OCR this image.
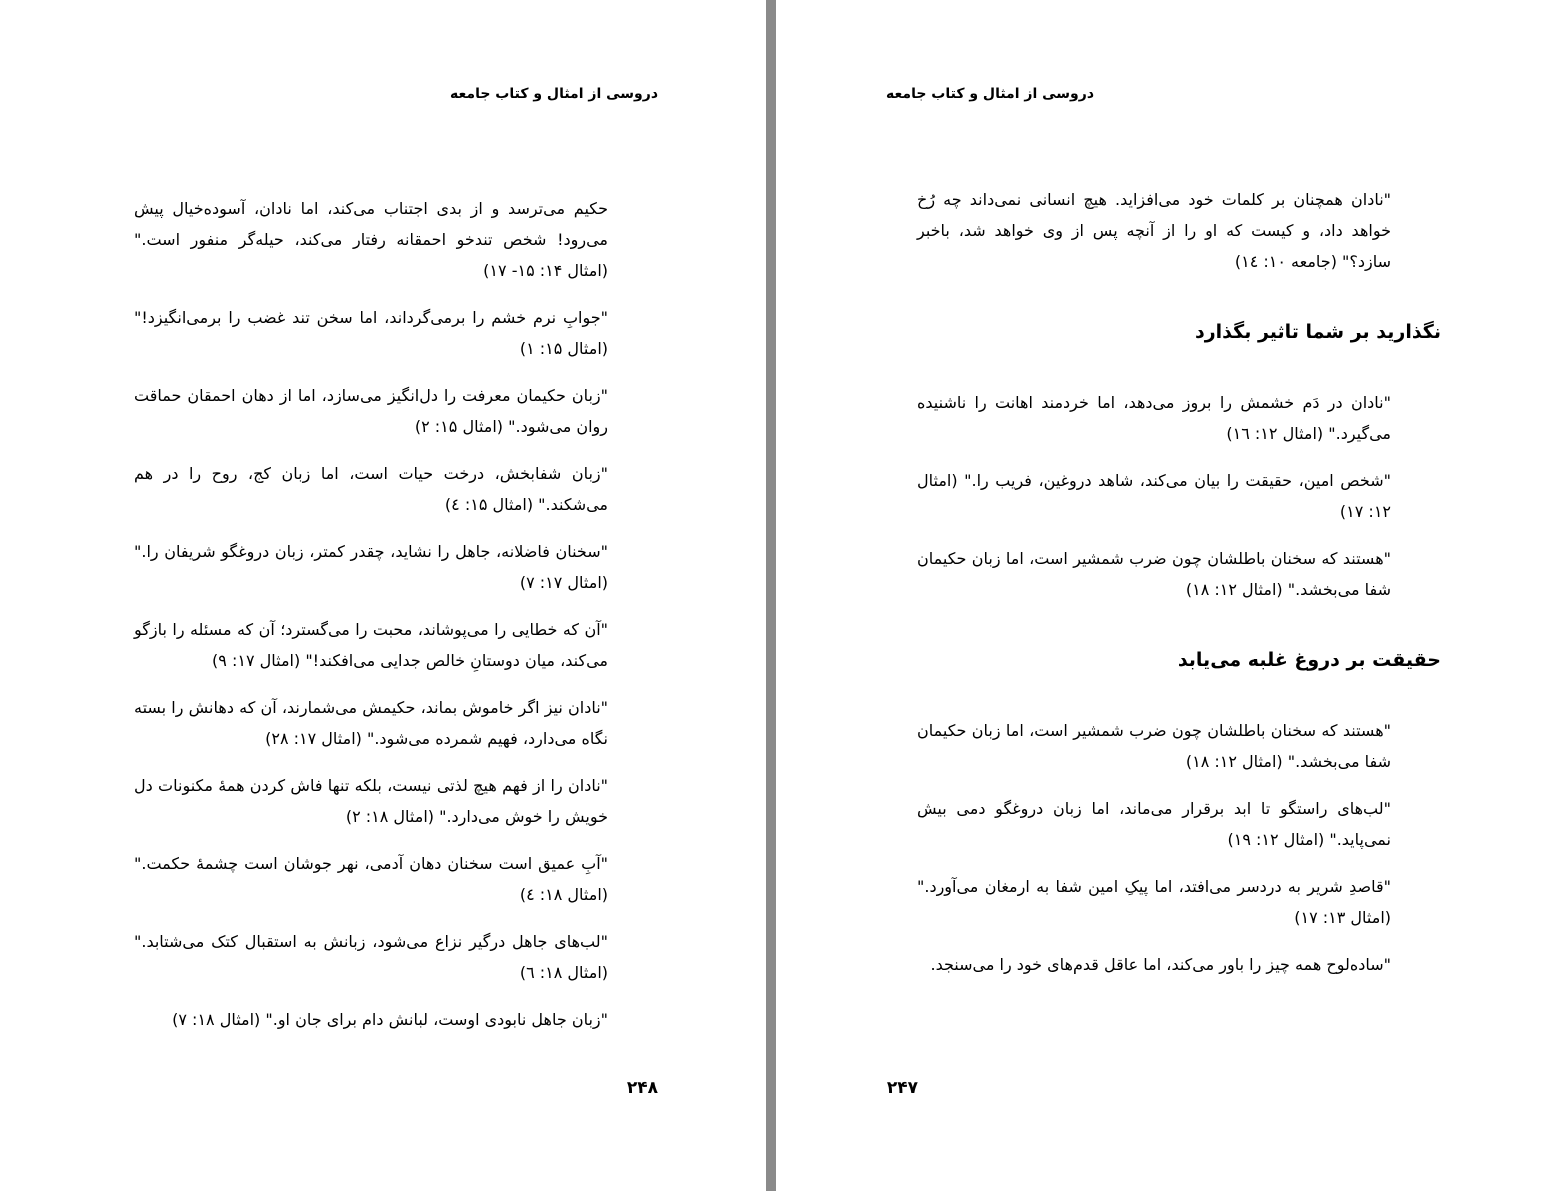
دروسی از امثال و کتاب جامعه

حکیم می‌ترسد و از بدی اجتناب می‌کند، اما نادان، آسوده‌خیال پیش می‌رود! شخص تندخو احمقانه رفتار می‌کند، حیله‌گر منفور است." (امثال ۱۴: ۱۵- ۱۷)

"جوابِ نرم خشم را برمی‌گرداند، اما سخن تند غضب را برمی‌انگیزد!" (امثال ۱۵: ۱)

"زبان حکیمان معرفت را دل‌انگیز می‌سازد، اما از دهان احمقان حماقت روان می‌شود." (امثال ۱۵: ۲)

"زبان شفابخش، درخت حیات است، اما زبان کج، روح را در هم می‌شکند." (امثال ۱۵: ٤)

"سخنان فاضلانه، جاهل را نشاید، چقدر کمتر، زبان دروغگو شریفان را." (امثال ۱۷: ۷)

"آن که خطایی را می‌پوشاند، محبت را می‌گسترد؛ آن که مسئله را بازگو می‌کند، میان دوستانِ خالص جدایی می‌افکند!" (امثال ۱۷: ۹)

"نادان نیز اگر خاموش بماند، حکیمش می‌شمارند، آن که دهانش را بسته نگاه می‌دارد، فهیم شمرده می‌شود." (امثال ۱۷: ۲۸)

"نادان را از فهم هیچ لذتی نیست، بلکه تنها فاش کردن همهٔ مکنونات دل خویش را خوش می‌دارد." (امثال ۱۸: ۲)

"آبِ عمیق است سخنان دهان آدمی، نهر جوشان است چشمهٔ حکمت." (امثال ۱۸: ٤)

"لب‌های جاهل درگیر نزاع می‌شود، زبانش به استقبال کتک می‌شتابد." (امثال ۱۸: ٦)

"زبان جاهل نابودی اوست، لبانش دام برای جان او." (امثال ۱۸: ۷)

۲۴۸
دروسی از امثال و کتاب جامعه
۲۴۷

"نادان همچنان بر کلمات خود می‌افزاید. هیچ انسانی نمی‌داند چه رُخ خواهد داد، و کیست که او را از آنچه پس از وی خواهد شد، باخبر سازد؟" (جامعه ۱۰: ۱٤)

نگذارید بر شما تاثیر بگذارد

"نادان در دَم خشمش را بروز می‌دهد، اما خردمند اهانت را ناشنیده می‌گیرد." (امثال ۱۲: ۱٦)

"شخص امین، حقیقت را بیان می‌کند، شاهد دروغین، فریب را." (امثال ۱۲: ۱۷)

"هستند که سخنان باطلشان چون ضرب شمشیر است، اما زبان حکیمان شفا می‌بخشد." (امثال ۱۲: ۱۸)

حقیقت بر دروغ غلبه می‌یابد

"هستند که سخنان باطلشان چون ضرب شمشیر است، اما زبان حکیمان شفا می‌بخشد." (امثال ۱۲: ۱۸)

"لب‌های راستگو تا ابد برقرار می‌ماند، اما زبان دروغگو دمی بیش نمی‌پاید." (امثال ۱۲: ۱۹)

"قاصدِ شریر به دردسر می‌افتد، اما پیکِ امین شفا به ارمغان می‌آورد." (امثال ۱۳: ۱۷)

"ساده‌لوح همه چیز را باور می‌کند، اما عاقل قدم‌های خود را می‌سنجد.
